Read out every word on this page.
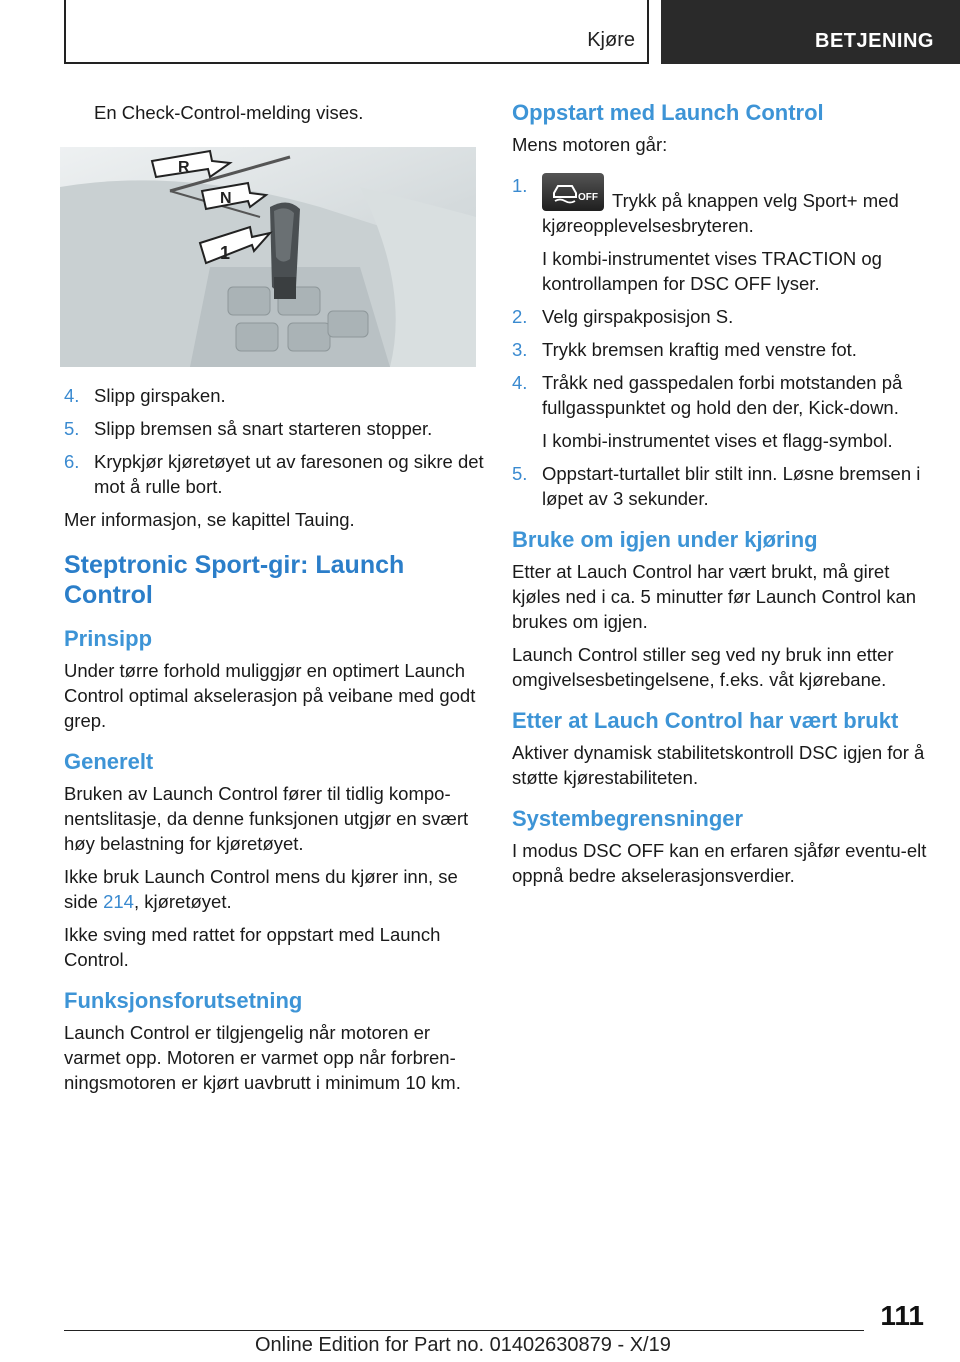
Kjøre	BETJENING

En Check-Control-melding vises.

R
N
1
4. Slipp girspaken.
5. Slipp bremsen så snart starteren stopper.
6. Krypkjør kjøretøyet ut av faresonen og sikre det mot å rulle bort.

Mer informasjon, se kapittel Tauing.

Steptronic Sport-gir: Launch Control
Prinsipp

Under tørre forhold muliggjør en optimert Launch Control optimal akselerasjon på veibane med godt grep.

Generelt

Bruken av Launch Control fører til tidlig kompo-nentslitasje, da denne funksjonen utgjør en svært høy belastning for kjøretøyet.

Ikke bruk Launch Control mens du kjører inn, se side 214, kjøretøyet.

Ikke sving med rattet for oppstart med Launch Control.

Funksjonsforutsetning

Launch Control er tilgjengelig når motoren er varmet opp. Motoren er varmet opp når forbren-ningsmotoren er kjørt uavbrutt i minimum 10 km.

Oppstart med Launch Control

Mens motoren går:

1.
OFF Trykk på knappen velg Sport+ med kjøreopplevelsesbryteren.

I kombi-instrumentet vises TRACTION og kontrollampen for DSC OFF lyser.

2. Velg girspakposisjon S.
3. Trykk bremsen kraftig med venstre fot.
4. Tråkk ned gasspedalen forbi motstanden på fullgasspunktet og hold den der, Kick-down.

I kombi-instrumentet vises et flagg-symbol.

5. Oppstart-turtallet blir stilt inn. Løsne bremsen i løpet av 3 sekunder.
Bruke om igjen under kjøring

Etter at Lauch Control har vært brukt, må giret kjøles ned i ca. 5 minutter før Launch Control kan brukes om igjen.

Launch Control stiller seg ved ny bruk inn etter omgivelsesbetingelsene, f.eks. våt kjørebane.

Etter at Lauch Control har vært brukt

Aktiver dynamisk stabilitetskontroll DSC igjen for å støtte kjørestabiliteten.

Systembegrensninger

I modus DSC OFF kan en erfaren sjåfør eventu-elt oppnå bedre akselerasjonsverdier.

111
Online Edition for Part no. 01402630879 - X/19
